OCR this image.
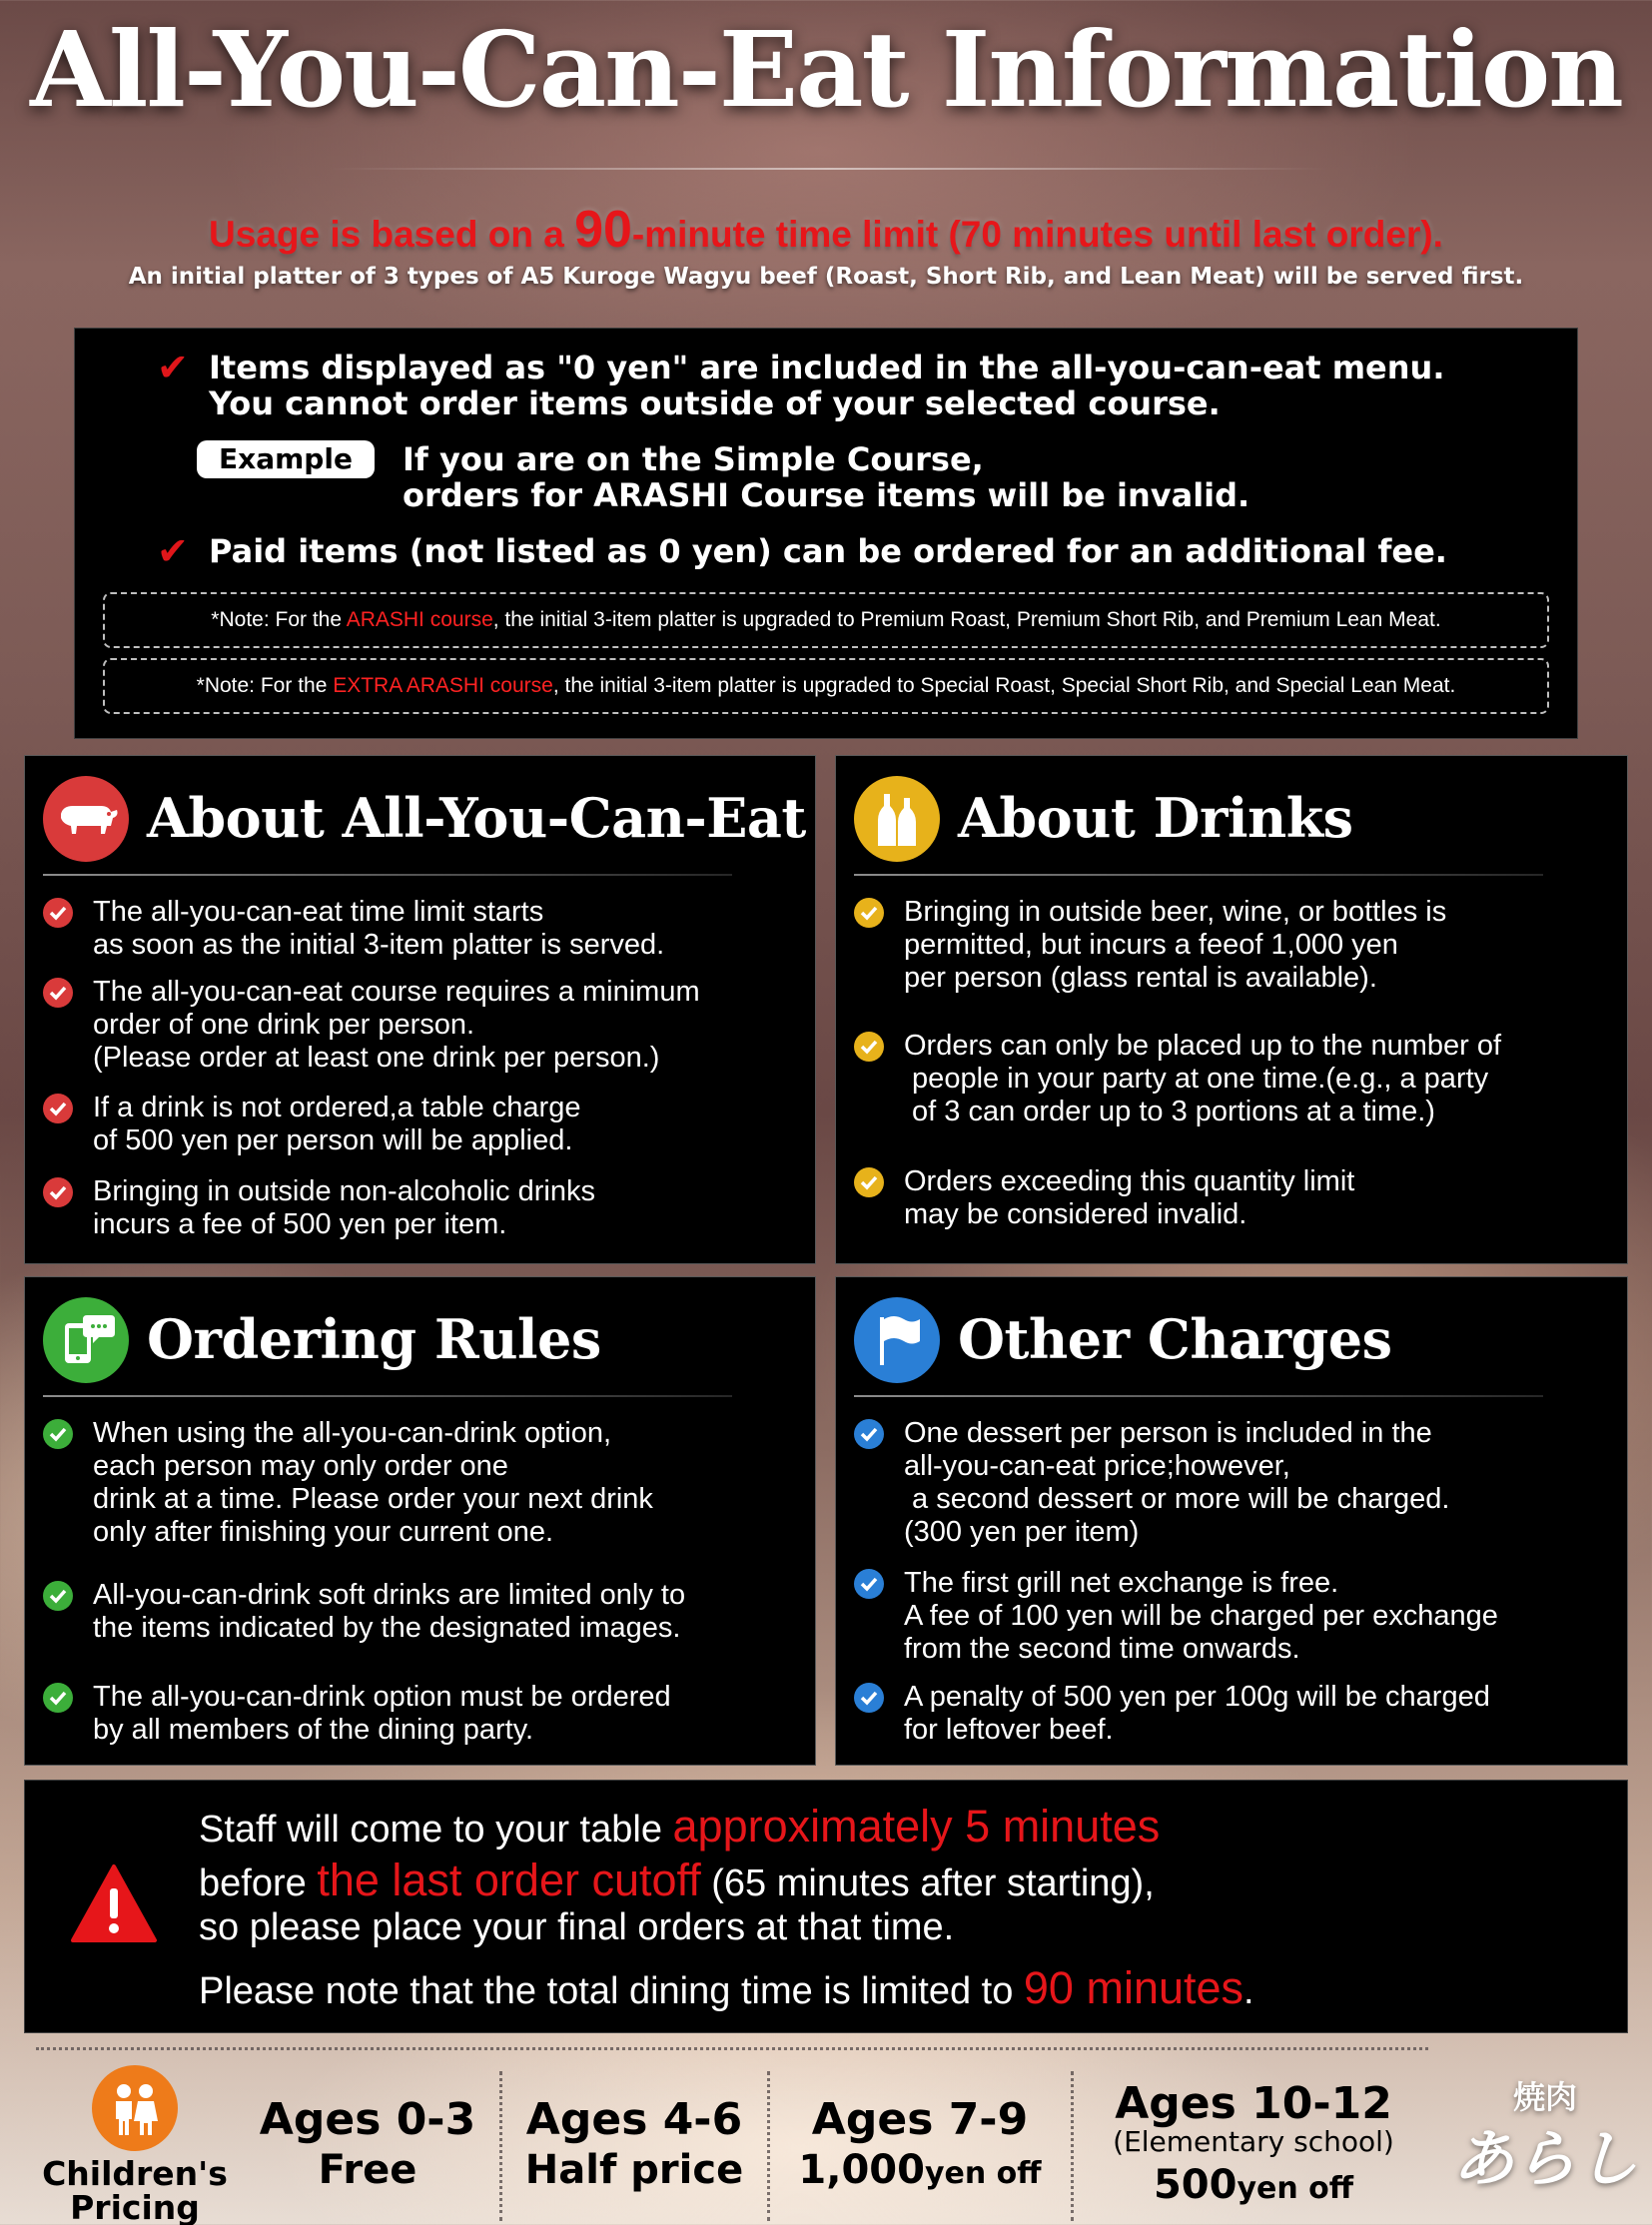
All-You-Can-Eat Information
Usage is based on a 90-minute time limit (70 minutes until last order).
An initial platter of 3 types of A5 Kuroge Wagyu beef (Roast, Short Rib, and Lean Meat) will be served first.
✔ Items displayed as "0 yen" are included in the all-you-can-eat menu.
You cannot order items outside of your selected course.
Example	If you are on the Simple Course,
orders for ARASHI Course items will be invalid.
✔ Paid items (not listed as 0 yen) can be ordered for an additional fee.
*Note: For the ARASHI course, the initial 3-item platter is upgraded to Premium Roast, Premium Short Rib, and Premium Lean Meat.
*Note: For the EXTRA ARASHI course, the initial 3-item platter is upgraded to Special Roast, Special Short Rib, and Special Lean Meat.
About All-You-Can-Eat
The all-you-can-eat time limit starts
as soon as the initial 3-item platter is served.
The all-you-can-eat course requires a minimum
order of one drink per person.
(Please order at least one drink per person.)
If a drink is not ordered,a table charge
of 500 yen per person will be applied.
Bringing in outside non-alcoholic drinks
incurs a fee of 500 yen per item.
About Drinks
Bringing in outside beer, wine, or bottles is
permitted, but incurs a feeof 1,000 yen
per person (glass rental is available).
Orders can only be placed up to the number of
people in your party at one time.(e.g., a party
of 3 can order up to 3 portions at a time.)
Orders exceeding this quantity limit
may be considered invalid.
Ordering Rules
When using the all-you-can-drink option,
each person may only order one
drink at a time. Please order your next drink
only after finishing your current one.
All-you-can-drink soft drinks are limited only to
the items indicated by the designated images.
The all-you-can-drink option must be ordered
by all members of the dining party.
Other Charges
One dessert per person is included in the
all-you-can-eat price;however,
a second dessert or more will be charged.
(300 yen per item)
The first grill net exchange is free.
A fee of 100 yen will be charged per exchange
from the second time onwards.
A penalty of 500 yen per 100g will be charged
for leftover beef.
Staff will come to your table approximately 5 minutes
before the last order cutoff (65 minutes after starting),
so please place your final orders at that time.
Please note that the total dining time is limited to 90 minutes.
Children's
Pricing
Ages 0-3
Free
Ages 4-6
Half price
Ages 7-9
1,000yen off
Ages 10-12
(Elementary school)
500yen off
焼肉
あらし
